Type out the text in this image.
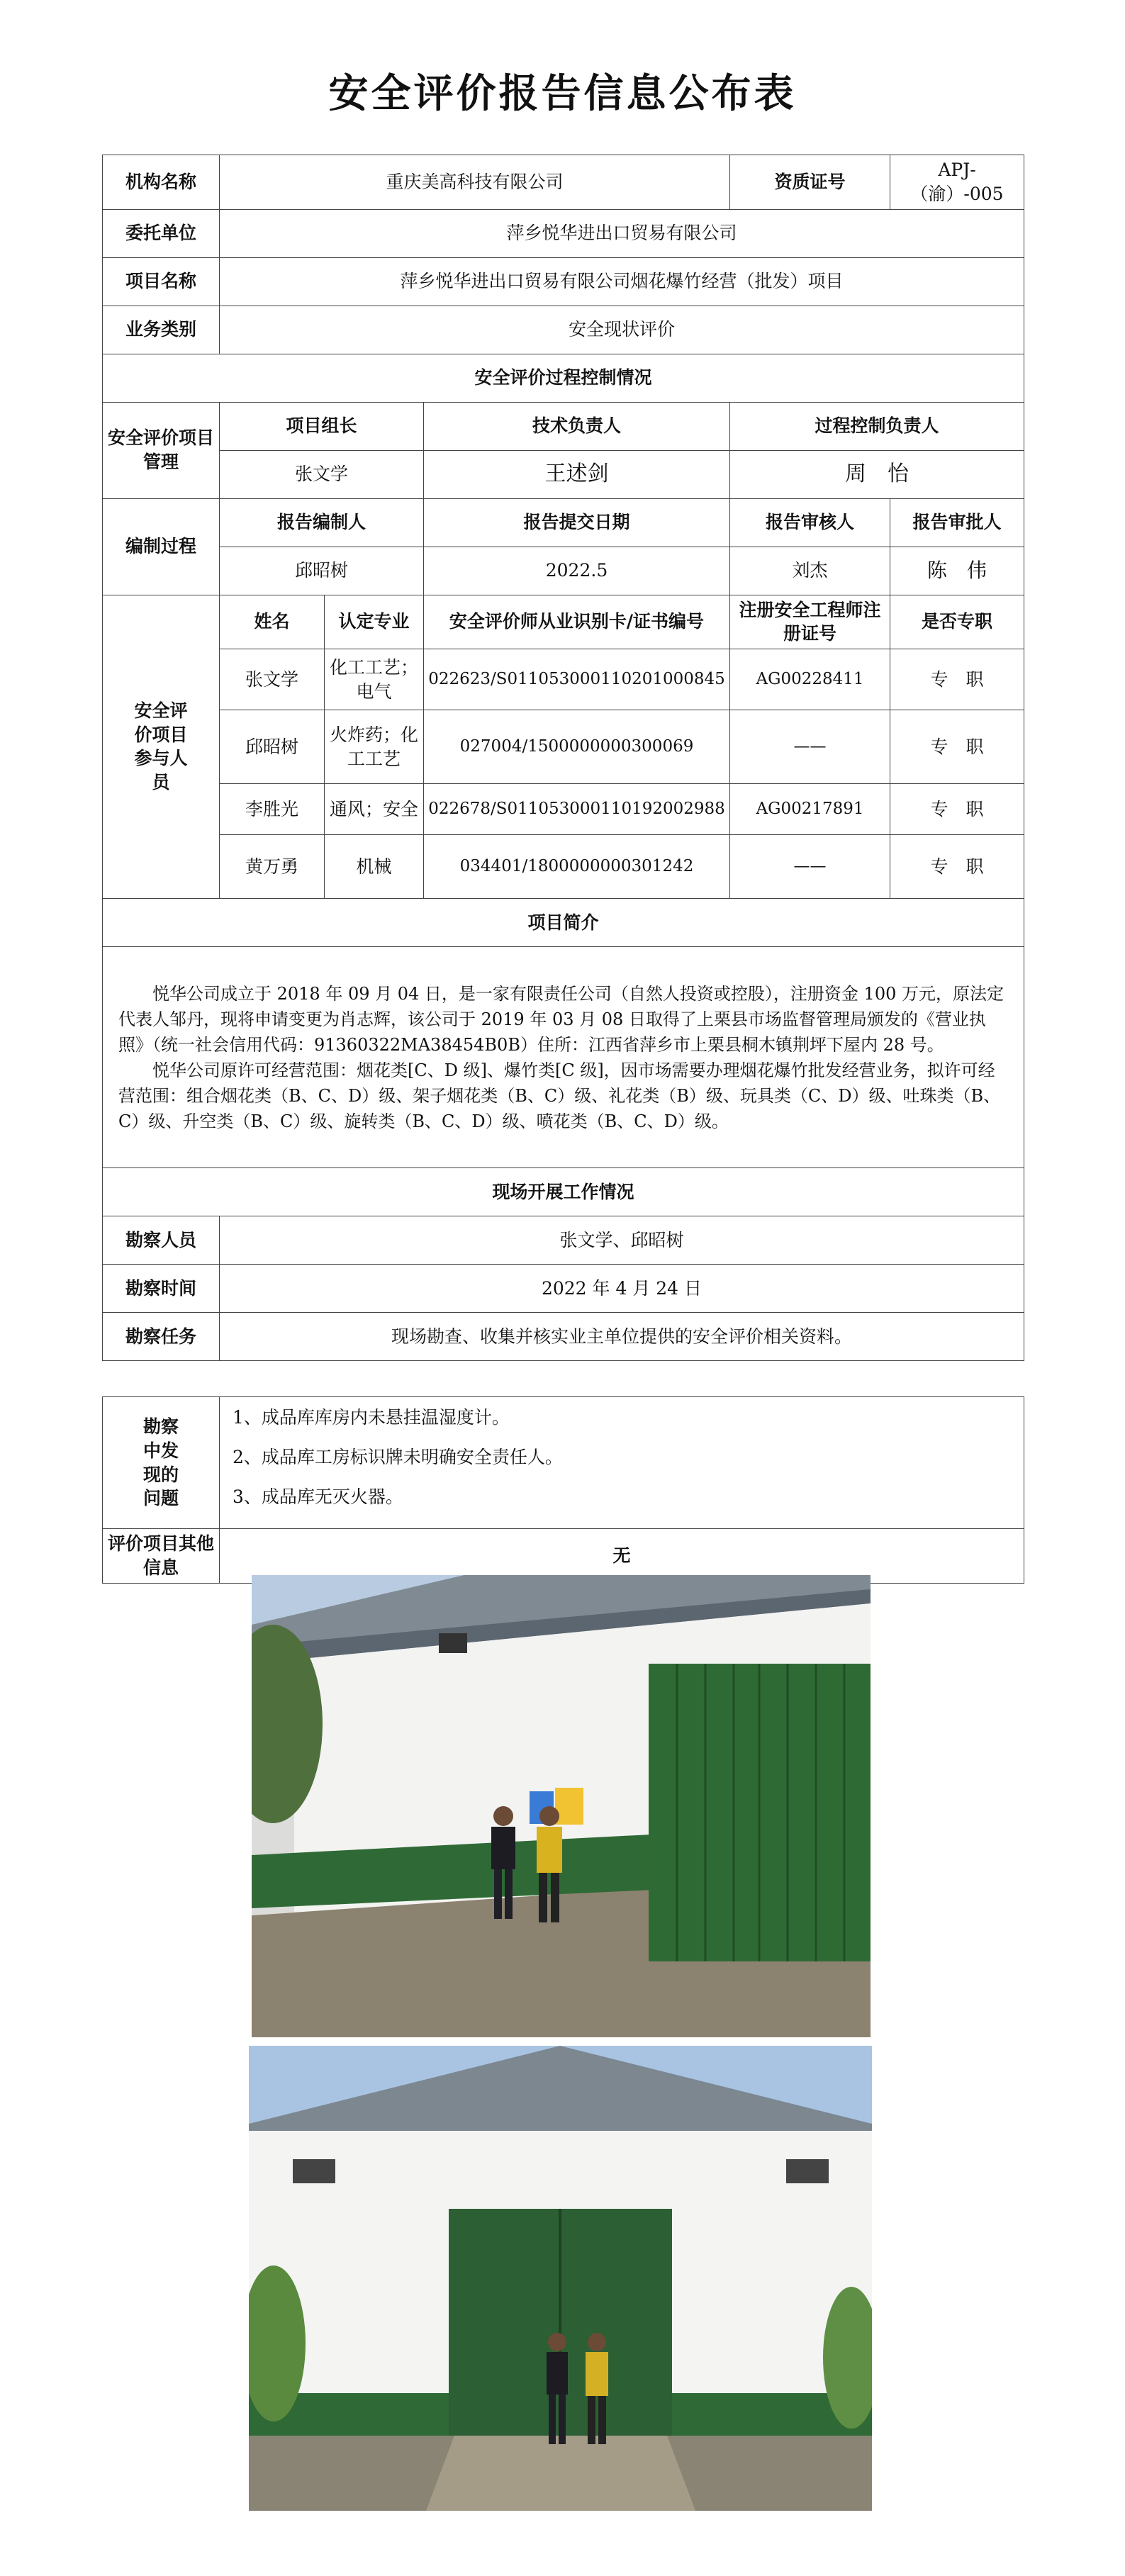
安全评价报告信息公布表
机构名称	重庆美高科技有限公司			资质证号	APJ-（渝）-005
委托单位	萍乡悦华进出口贸易有限公司				
项目名称	萍乡悦华进出口贸易有限公司烟花爆竹经营（批发）项目				
业务类别	安全现状评价				
安全评价过程控制情况					
安全评价项目管理	项目组长		技术负责人	过程控制负责人	
	张文学		王述剑	周　怡	
编制过程	报告编制人		报告提交日期	报告审核人	报告审批人
	邱昭树		2022.5	刘杰	陈　伟
安全评价项目参与人员	姓名	认定专业	安全评价师从业识别卡/证书编号	注册安全工程师注册证号	是否专职
	张文学	化工工艺；电气	022623/S011053000110201000845	AG00228411	专　职
	邱昭树	火炸药；化工工艺	027004/1500000000300069	——	专　职
	李胜光	通风；安全	022678/S011053000110192002988	AG00217891	专　职
	黄万勇	机械	034401/1800000000301242	——	专　职
项目简介					

悦华公司成立于 2018 年 09 月 04 日，是一家有限责任公司（自然人投资或控股），注册资金 100 万元，原法定代表人邹丹，现将申请变更为肖志辉，该公司于 2019 年 03 月 08 日取得了上栗县市场监督管理局颁发的《营业执照》（统一社会信用代码：91360322MA38454B0B）住所：江西省萍乡市上栗县桐木镇荆坪下屋内 28 号。

悦华公司原许可经营范围：烟花类[C、D 级]、爆竹类[C 级]，因市场需要办理烟花爆竹批发经营业务，拟许可经营范围：组合烟花类（B、C、D）级、架子烟花类（B、C）级、礼花类（B）级、玩具类（C、D）级、吐珠类（B、C）级、升空类（B、C）级、旋转类（B、C、D）级、喷花类（B、C、D）级。					

现场开展工作情况					
勘察人员	张文学、邱昭树				
勘察时间	2022 年 4 月 24 日				
勘察任务	现场勘查、收集并核实业主单位提供的安全评价相关资料。				
勘察中发现的问题	1、成品库库房内未悬挂温湿度计。
2、成品库工房标识牌未明确安全责任人。
3、成品库无灭火器。

评价项目其他信息	无
